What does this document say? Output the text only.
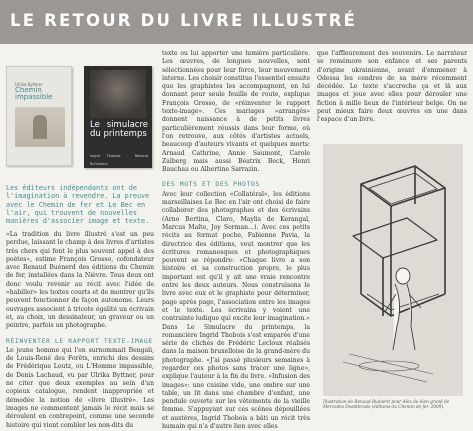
LE RETOUR DU LIVRE ILLUSTRÉ
Ulrika Byttner
Chemin impassible
Le simulacre du printemps
Ingrid Thobois · Renaud Ruhlmann
Les éditeurs indépendants ont de l'imagination à revendre. La preuve avec le Chemin de fer et Le Bec en l'air, qui trouvent de nouvelles manières d'associer image et texte.

«La tradition du livre illustré s'est un peu perdue, laissant le champ à des livres d'artistes très chers qui font le plus souvent appel à des poètes», estime François Grosso, cofondateur avec Renaud Buénerd des éditions du Chemin de fer, installées dans la Nièvre. Tous deux ont donc voulu revenir au récit avec l'idée de «habiller» les textes courts et de montrer qu'ils peuvent fonctionner de façon autonome. Leurs ouvrages associent à tricote égalité un écrivain et, au choix, un dessinateur, un graveur ou un peintre, parfois un photographe.

RÉINVENTER LE RAPPORT TEXTE-IMAGE

Le jeune homme qui l'on surnommait Bengali, de Louis-René des Forêts, enrichi des dessins de Frédérique Loutz, ou L'Homme impassible, de Denis Lachaud, vu par Ulrika Byttner, pour ne citer que deux exemples au sein d'un copieux catalogue, rendent inappropriée et démodée la notion de «livre illustré». Les images ne commentent jamais le récit mais se déroulent en contrepoint, comme une seconde histoire qui vient combler les non-dits du

texte ou lui apporter une lumière particulière. Les œuvres, de longues nouvelles, sont sélectionnées pour leur force, leur mouvement interne. Les choisir constitue l'essentiel ensuite que les graphistes les accompagnent, en lui donnant pour seule feuille de route, explique François Grosso, de «réinventer le rapport texte-image». Ces mariages «arrangés» donnent naissance à de petits livres particulièrement réussis dans leur forme, où l'on retrouve, aux côtés d'artistes actuels, beaucoup d'auteurs vivants et quelques morts: Arnaud Cathrine, Annie Saumont, Carole Zalberg mais aussi Béatrix Beck, Henri Bauchau ou Albertine Sarrazin.

DES MOTS ET DES PHOTOS

Avec leur collection «Collatéral», les éditions marseillaises Le Bec en l'air ont choisi de faire collaborer des photographes et des écrivains (Arno Bertina, Claro, Maylis de Kerangal, Marcus Malte, Joy Sorman…). Avec ces petits récits au format poche, Fabienne Pavia, la directrice des éditions, veut montrer que les écritures romanesques et photographiques peuvent se répondre: «Chaque livre a son histoire et sa construction propre, le plus important est qu'il y ait une vraie rencontre entre les deux auteurs. Nous construisons le livre avec eux et le graphiste pour déterminer, page après page, l'association entre les images et le texte. Les écrivains y voient une contrainte ludique qui excite leur imagination.» Dans Le Simulacre du printemps, la romancière Ingrid Thobois s'est emparée d'une série de clichés de Frédéric Lecloux réalisés dans la maison bruxelloise de la grand-mère du photographe. «J'ai passé plusieurs semaines à regarder ces photos sans tracer une ligne», explique l'auteur à la fin du livre. «Infusion des images»: une cuisine vide, une ombre sur une table, un lit dans une chambre d'enfant, une pendule ouverte sur les vêtements de la vieille femme. S'appuyant sur ces scènes dépouillées et austères, Ingrid Thobois a bâti un récit très humain qui n'a d'autre lien avec elles

que l'affleurement des souvenirs. Le narrateur se remémore son enfance et ses parents d'origine ukrainienne, avant d'emmener à Odessa les cendres de sa mère récemment décédée. Le texte s'accroche ça et là aux images et joue avec elles pour dérouler une fiction à mille lieux de l'intérieur belge. On ne peut mieux faire deux œuvres en une dans l'espace d'un livre.

Illustration de Renaud Buénerd pour Alex de bien grand de Mercedes Deambrosis (éditions du Chemin de fer, 2009).
